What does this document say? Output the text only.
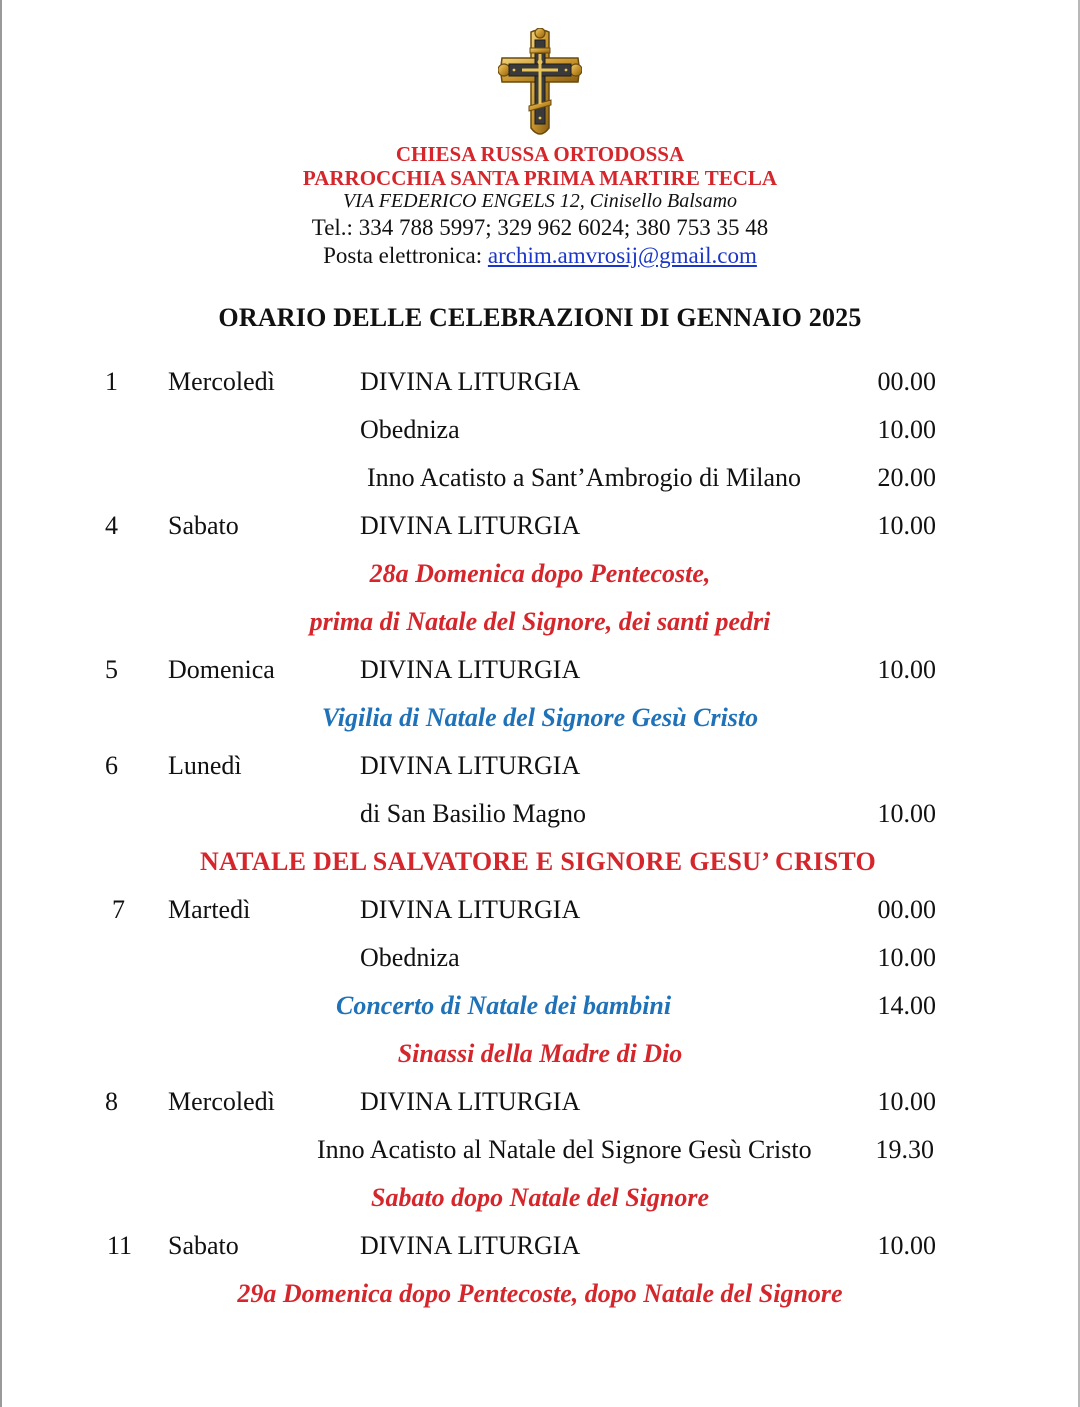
CHIESA RUSSA ORTODOSSA
PARROCCHIA SANTA PRIMA MARTIRE TECLA
VIA FEDERICO ENGELS 12, Cinisello Balsamo
Tel.: 334 788 5997; 329 962 6024; 380 753 35 48
Posta elettronica: archim.amvrosij@gmail.com
ORARIO DELLE CELEBRAZIONI DI GENNAIO 2025
1 Mercoledì	DIVINA LITURGIA	00.00
Obedniza	10.00
Inno Acatisto a Sant’Ambrogio di Milano	20.00
4 Sabato	DIVINA LITURGIA	10.00
28a Domenica dopo Pentecoste,
prima di Natale del Signore, dei santi pedri
5 Domenica	DIVINA LITURGIA	10.00
Vigilia di Natale del Signore Gesù Cristo
6 Lunedì	DIVINA LITURGIA
di San Basilio Magno	10.00
NATALE DEL SALVATORE E SIGNORE GESU’ CRISTO
7 Martedì	DIVINA LITURGIA	00.00
Obedniza	10.00
Concerto di Natale dei bambini	14.00
Sinassi della Madre di Dio
8 Mercoledì	DIVINA LITURGIA	10.00
Inno Acatisto al Natale del Signore Gesù Cristo 19.30
Sabato dopo Natale del Signore
11 Sabato	DIVINA LITURGIA	10.00
29a Domenica dopo Pentecoste, dopo Natale del Signore
